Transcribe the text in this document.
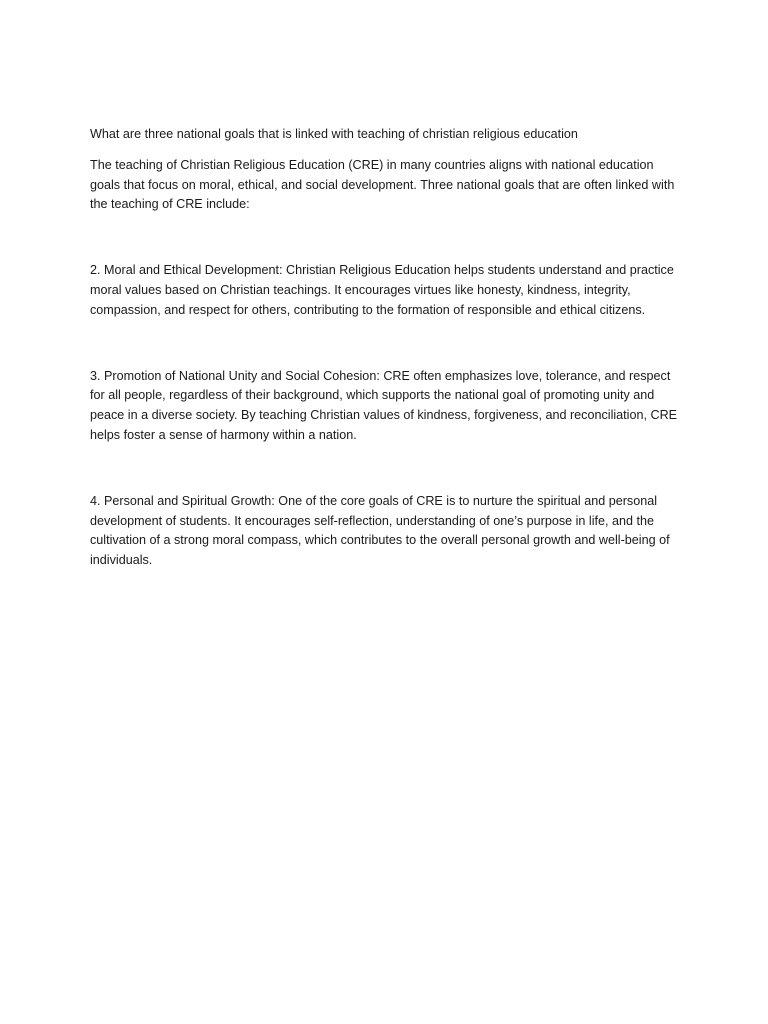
What are three national goals that is linked with teaching of christian religious education

The teaching of Christian Religious Education (CRE) in many countries aligns with national education goals that focus on moral, ethical, and social development. Three national goals that are often linked with the teaching of CRE include:

2. Moral and Ethical Development: Christian Religious Education helps students understand and practice moral values based on Christian teachings. It encourages virtues like honesty, kindness, integrity, compassion, and respect for others, contributing to the formation of responsible and ethical citizens.

3. Promotion of National Unity and Social Cohesion: CRE often emphasizes love, tolerance, and respect for all people, regardless of their background, which supports the national goal of promoting unity and peace in a diverse society. By teaching Christian values of kindness, forgiveness, and reconciliation, CRE helps foster a sense of harmony within a nation.

4. Personal and Spiritual Growth: One of the core goals of CRE is to nurture the spiritual and personal development of students. It encourages self-reflection, understanding of one’s purpose in life, and the cultivation of a strong moral compass, which contributes to the overall personal growth and well-being of individuals.
